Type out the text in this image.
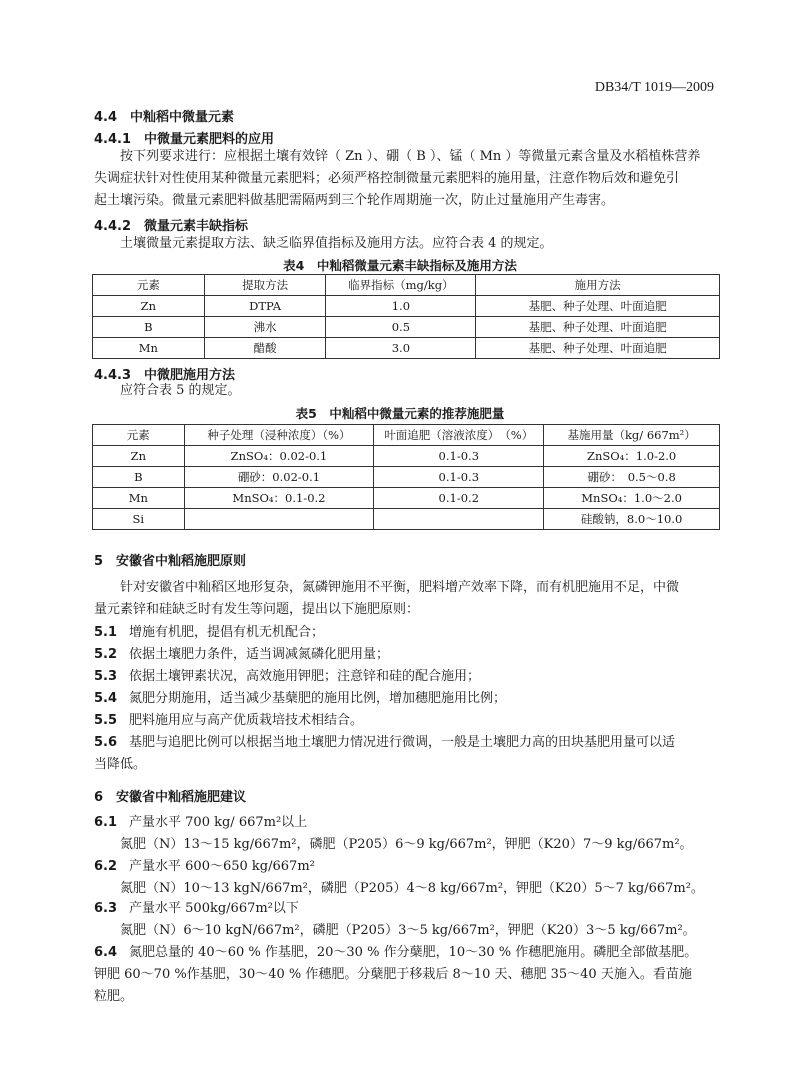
DB34/T 1019—2009
4.4　中籼稻中微量元素
4.4.1　中微量元素肥料的应用
按下列要求进行：应根据土壤有效锌（ Zn ）、硼（ B ）、锰（ Mn ）等微量元素含量及水稻植株营养
失调症状针对性使用某种微量元素肥料；必须严格控制微量元素肥料的施用量，注意作物后效和避免引
起土壤污染。微量元素肥料做基肥需隔两到三个轮作周期施一次，防止过量施用产生毒害。
4.4.2　微量元素丰缺指标
土壤微量元素提取方法、缺乏临界值指标及施用方法。应符合表 4 的规定。
表4　中籼稻微量元素丰缺指标及施用方法
元素	提取方法	临界指标（mg/kg）	施用方法
Zn	DTPA	1.0	基肥、种子处理、叶面追肥
B	沸水	0.5	基肥、种子处理、叶面追肥
Mn	醋酸	3.0	基肥、种子处理、叶面追肥
4.4.3　中微肥施用方法
应符合表 5 的规定。
表5　中籼稻中微量元素的推荐施肥量
元素	种子处理（浸种浓度）（%）	叶面追肥（溶液浓度）　（%）	基施用量（kg/ 667m²）
Zn	ZnSO₄：0.02-0.1	0.1-0.3	ZnSO₄：1.0-2.0
B	硼砂：0.02-0.1	0.1-0.3	硼砂：　0.5～0.8
Mn	MnSO₄：0.1-0.2	0.1-0.2	MnSO₄：1.0～2.0
Si			硅酸钠，8.0～10.0
5　安徽省中籼稻施肥原则
针对安徽省中籼稻区地形复杂，氮磷钾施用不平衡，肥料增产效率下降，而有机肥施用不足，中微
量元素锌和硅缺乏时有发生等问题，提出以下施肥原则：
5.1 增施有机肥，提倡有机无机配合；
5.2 依据土壤肥力条件，适当调减氮磷化肥用量；
5.3 依据土壤钾素状况，高效施用钾肥；注意锌和硅的配合施用；
5.4 氮肥分期施用，适当减少基蘖肥的施用比例，增加穗肥施用比例；
5.5 肥料施用应与高产优质栽培技术相结合。
5.6 基肥与追肥比例可以根据当地土壤肥力情况进行微调，一般是土壤肥力高的田块基肥用量可以适
当降低。
6　安徽省中籼稻施肥建议
6.1 产量水平 700 kg/ 667m²以上
氮肥（N）13～15 kg/667m²，磷肥（P205）6～9 kg/667m²，钾肥（K20）7～9 kg/667m²。
6.2 产量水平 600～650 kg/667m²
氮肥（N）10～13 kgN/667m²，磷肥（P205）4～8 kg/667m²，钾肥（K20）5～7 kg/667m²。
6.3 产量水平 500kg/667m²以下
氮肥（N）6～10 kgN/667m²，磷肥（P205）3～5 kg/667m²，钾肥（K20）3～5 kg/667m²。
6.4 氮肥总量的 40～60 % 作基肥，20～30 % 作分蘖肥，10～30 % 作穗肥施用。磷肥全部做基肥。
钾肥 60～70 %作基肥，30～40 % 作穗肥。分蘖肥于移栽后 8～10 天、穗肥 35～40 天施入。看苗施
粒肥。
